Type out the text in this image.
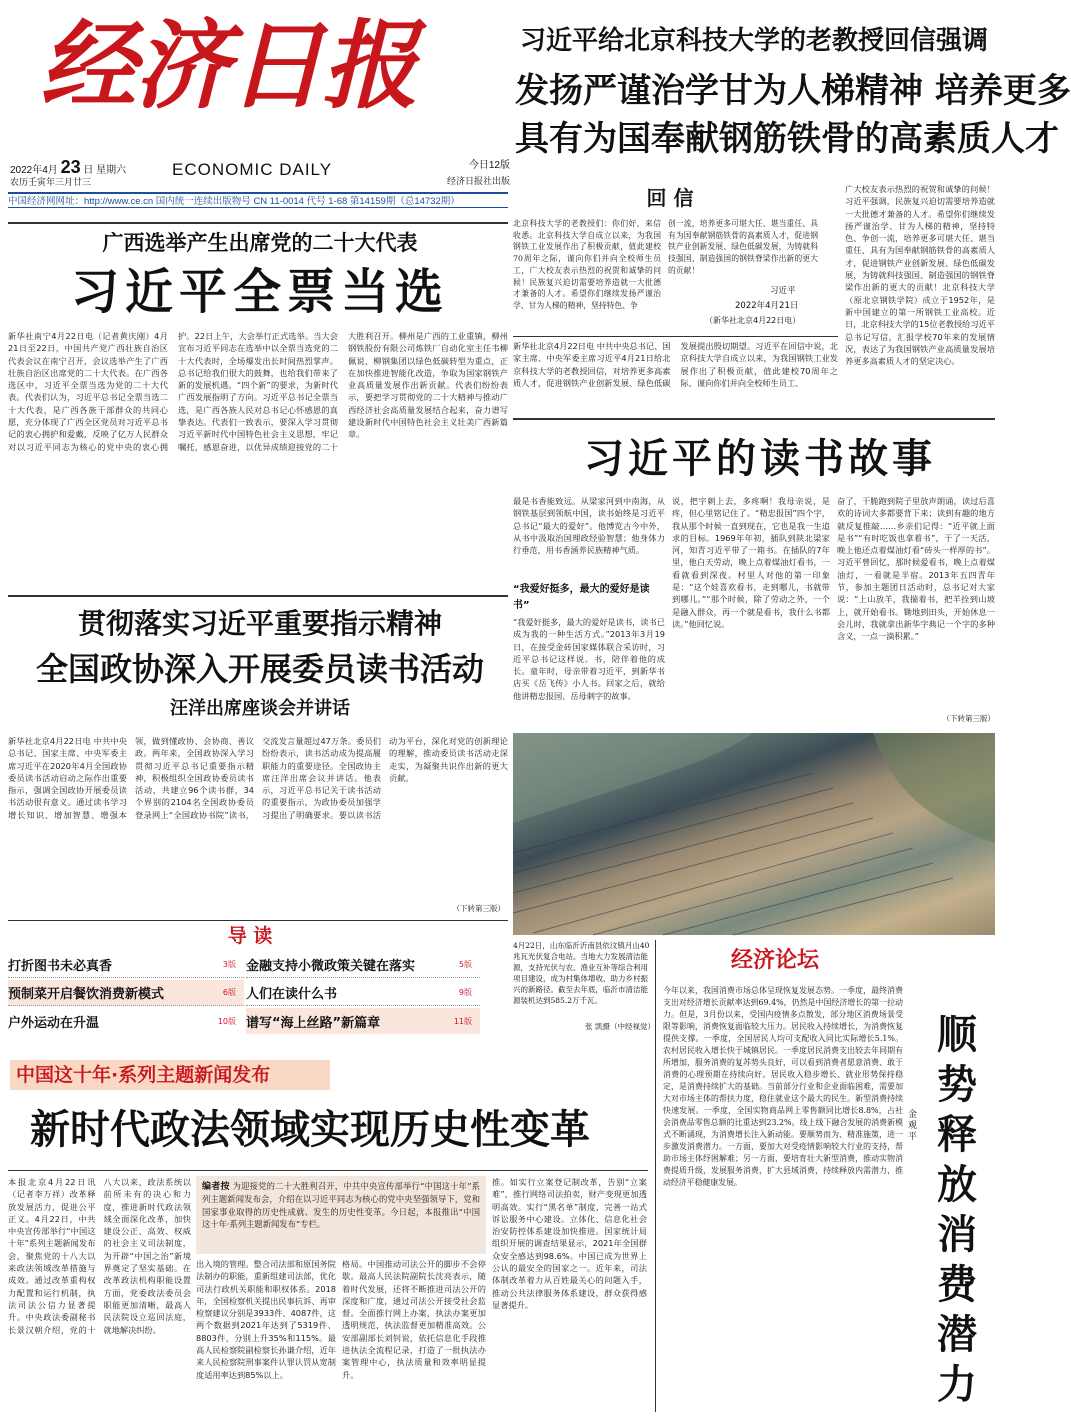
经济日报
2022年4月 23 日 星期六
农历壬寅年三月廿三
ECONOMIC DAILY	今日12版
经济日报社出版
中国经济网网址：http://www.ce.cn 国内统一连续出版物号 CN 11-0014 代号 1-68 第14159期（总14732期）
习近平给北京科技大学的老教授回信强调
发扬严谨治学甘为人梯精神 培养更多
具有为国奉献钢筋铁骨的高素质人才
回 信
北京科技大学的老教授们：你们好，来信收悉。北京科技大学自成立以来，为我国钢铁工业发展作出了积极贡献，值此建校70周年之际，谨向你们并向全校师生员工，广大校友表示热烈的祝贺和诚挚的问候！民族复兴迫切需要培养造就一大批德才兼备的人才。希望你们继续发扬严谨治学、甘为人梯的精神，坚持特色、争
创一流，培养更多可堪大任、堪当重任、具有为国奉献钢筋铁骨的高素质人才，促进钢铁产业创新发展、绿色低碳发展，为铸就科技强国、制造强国的钢铁脊梁作出新的更大的贡献！
习近平
2022年4月21日
（新华社北京4月22日电）
新华社北京4月22日电 中共中央总书记、国家主席、中央军委主席习近平4月21日给北京科技大学的老教授回信，对培养更多高素质人才，促进钢铁产业创新发展、绿色低碳发展提出殷切期望。习近平在回信中说，北京科技大学自成立以来，为我国钢铁工业发展作出了积极贡献，值此建校70周年之际，谨向你们并向全校师生员工、
广大校友表示热烈的祝贺和诚挚的问候！习近平强调，民族复兴迫切需要培养造就一大批德才兼备的人才。希望你们继续发扬严谨治学、甘为人梯的精神，坚持特色、争创一流，培养更多可堪大任、堪当重任、具有为国奉献钢筋铁骨的高素质人才，促进钢铁产业创新发展、绿色低碳发展，为铸就科技强国、制造强国的钢铁脊梁作出新的更大的贡献！北京科技大学（原北京钢铁学院）成立于1952年，是新中国建立的第一所钢铁工业高校。近日，北京科技大学的15位老教授给习近平总书记写信，汇报学校70年来的发展情况，表达了为我国钢铁产业高质量发展培养更多高素质人才的坚定决心。
广西选举产生出席党的二十大代表
习近平全票当选
新华社南宁4月22日电（记者黄庆刚）4月21日至22日，中国共产党广西壮族自治区代表会议在南宁召开，会议选举产生了广西壮族自治区出席党的二十大代表。在广西各选区中，习近平全票当选为党的二十大代表。代表们认为，习近平总书记全票当选二十大代表，是广西各族干部群众的共同心愿，充分体现了广西全区党员对习近平总书记的衷心拥护和爱戴，反映了亿万人民群众对以习近平同志为核心的党中央的衷心拥护。22日上午，大会举行正式选举。当大会宣布习近平同志在选举中以全票当选党的二十大代表时，全场爆发出长时间热烈掌声。总书记给我们很大的鼓舞，也给我们带来了新的发展机遇。“四个新”的要求，为新时代广西发展指明了方向。习近平总书记全票当选，是广西各族人民对总书记心怀感恩的真挚表达。代表们一致表示，要深入学习贯彻习近平新时代中国特色社会主义思想，牢记嘱托，感恩奋进，以优异成绩迎接党的二十大胜利召开。柳州是广西的工业重镇，柳州钢铁股份有限公司炼铁厂自动化室主任韦柳佩说，柳钢集团以绿色低碳转型为重点，正在加快推进智能化改造，争取为国家钢铁产业高质量发展作出新贡献。代表们纷纷表示，要把学习贯彻党的二十大精神与推动广西经济社会高质量发展结合起来，奋力谱写建设新时代中国特色社会主义壮美广西新篇章。
习近平的读书故事
最是书香能致远。从梁家河到中南海，从钢铁基层到领航中国，读书始终是习近平总书记“最大的爱好”。他博览古今中外，从书中汲取治国理政经验智慧；他身体力行垂范，用书香涵养民族精神气质。
“我爱好挺多，最大的爱好是读书”
“我爱好挺多，最大的爱好是读书，读书已成为我的一种生活方式。”2013年3月19日，在接受金砖国家媒体联合采访时，习近平总书记这样说。书，陪伴着他的成长。童年时，母亲带着习近平，到新华书店买《岳飞传》小人书。回家之后，就给他讲精忠报国、岳母刺字的故事。
说，把字刺上去，多疼啊！我母亲说，是疼，但心里铭记住了。“精忠报国”四个字，我从那个时候一直到现在，它也是我一生追求的目标。1969年年初，插队到陕北梁家河，知青习近平带了一箱书。在插队的7年里，他白天劳动，晚上点着煤油灯看书，一看就看到深夜。村里人对他的第一印象是：“这个娃喜欢看书，走到哪儿，书就带到哪儿。”“那个时候，除了劳动之外，一个是融入群众，再一个就是看书，我什么书都读。”他回忆说。
奋了，干脆跑到院子里放声朗诵，读过后喜欢的诗词大多都要背下来；读到有趣的地方就反复推敲……乡亲们记得：“近平就上面是书”“有时吃饭也拿着书”，干了一天活，晚上他还点着煤油灯看“砖头一样厚的书”。习近平曾回忆，那时候爱看书，晚上点着煤油灯，一看就是半宿。2013年五四青年节，参加主题团日活动时，总书记对大家说：“上山放羊，我揣着书，把羊拴到山坡上，就开始看书。锄地到田头，开始休息一会儿时，我就拿出新华字典记一个字的多种含义，一点一滴积累。”
（下转第三版）
贯彻落实习近平重要指示精神
全国政协深入开展委员读书活动
汪洋出席座谈会并讲话
新华社北京4月22日电 中共中央总书记、国家主席、中央军委主席习近平在2020年4月全国政协委员读书活动启动之际作出重要指示，强调全国政协开展委员读书活动很有意义。通过读书学习增长知识、增加智慧、增强本领，做到懂政协、会协商、善议政。两年来，全国政协深入学习贯彻习近平总书记重要指示精神，积极组织全国政协委员读书活动，共建立96个读书群，34个界别的2104名全国政协委员登录网上“全国政协书院”读书，交流发言量超过47万条。委员们纷纷表示，读书活动成为提高履职能力的重要途径。全国政协主席汪洋出席会议并讲话。他表示，习近平总书记关于读书活动的重要指示，为政协委员加强学习提出了明确要求。要以读书活动为平台，深化对党的创新理论的理解，推动委员读书活动走深走实，为凝聚共识作出新的更大贡献。
（下转第三版）
4月22日，山东临沂沂南县依汶镇月山40兆瓦光伏复合电站。当地大力发展清洁能源，支持光伏与农、渔业互补等综合利用项目建设，成为村集体增收、助力乡村振兴的新路径。截至去年底，临沂市清洁能源装机达到585.2万千瓦。
张 凯摄（中经视觉）
导 读
打折图书未必真香	3版 金融支持小微政策关键在落实	5版
预制菜开启餐饮消费新模式	6版 人们在读什么书	9版
户外运动在升温	10版 谱写“海上丝路”新篇章	11版
中国这十年·系列主题新闻发布
新时代政法领域实现历史性变革
本报北京4月22日讯（记者李万祥）改革释放发展活力，促进公平正义。4月22日，中共中央宣传部举行“中国这十年”系列主题新闻发布会，聚焦党的十八大以来政法领域改革措施与成效。通过改革重构权力配置和运行机制，执法司法公信力显著提升。中央政法委副秘书长景汉朝介绍，党的十八大以来，政法系统以前所未有的决心和力度，推进新时代政法领域全面深化改革，加快建设公正、高效、权威的社会主义司法制度，为开辟“中国之治”新境界奠定了坚实基础。在改革政法机构职能设置方面，党委政法委员会职能更加清晰，最高人民法院设立巡回法庭，就地解决纠纷。
编者按 为迎接党的二十大胜利召开，中共中央宣传部举行“中国这十年”系列主题新闻发布会，介绍在以习近平同志为核心的党中央坚强领导下，党和国家事业取得的历史性成就、发生的历史性变革。今日起，本报推出“中国这十年·系列主题新闻发布”专栏。
出入境的管理。整合司法部和原国务院法制办的职能，重新组建司法部，优化司法行政机关职能和职权体系。2018年，全国检察机关提出民事抗诉、再审检察建议分别是3933件、4087件，这两个数据到2021年达到了5319件、8803件，分别上升35%和115%。最高人民检察院副检察长孙谦介绍，近年来人民检察院刑事案件认罪认罚从宽制度适用率达到85%以上。
格局。中国推动司法公开的脚步不会停歇。最高人民法院副院长沈亮表示，随着时代发展，还将不断推进司法公开的深度和广度，通过司法公开接受社会监督。全面推行网上办案，执法办案更加透明规范，执法监督更加精准高效。公安部副部长刘钊说，依托信息化手段推进执法全流程记录，打造了一批执法办案管理中心，执法质量和效率明显提升。
推。如实行立案登记制改革，告别“立案难”，推行网络司法拍卖，财产变现更加透明高效。实行“黑名单”制度，完善一站式诉讼服务中心建设。立体化、信息化社会治安防控体系建设加快推进。国家统计局组织开展的调查结果显示，2021年全国群众安全感达到98.6%。中国已成为世界上公认的最安全的国家之一。近年来，司法体制改革着力从百姓最关心的问题入手，推动公共法律服务体系建设，群众获得感显著提升。
经济论坛
今年以来，我国消费市场总体呈现恢复发展态势。一季度，最终消费支出对经济增长贡献率达到69.4%，仍然是中国经济增长的第一拉动力。但是，3月份以来，受国内疫情多点散发，部分地区消费场景受限等影响，消费恢复面临较大压力。居民收入持续增长，为消费恢复提供支撑。一季度，全国居民人均可支配收入同比实际增长5.1%。农村居民收入增长快于城镇居民。一季度居民消费支出较去年同期有所增加，服务消费的复苏势头良好，可以看到消费者愿意消费、敢于消费的心理预期在持续向好。居民收入稳步增长、就业形势保持稳定，是消费持续扩大的基础。当前部分行业和企业面临困难，需要加大对市场主体的帮扶力度，稳住就业这个最大的民生。新型消费持续快速发展。一季度，全国实物商品网上零售额同比增长8.8%，占社会消费品零售总额的比重达到23.2%。线上线下融合发展的消费新模式不断涌现，为消费增长注入新动能。要顺势而为、精准施策，进一步激发消费潜力。一方面，要加大对受疫情影响较大行业的支持，帮助市场主体纾困解难；另一方面，要培育壮大新型消费，推动实物消费提质升级，发展服务消费，扩大县域消费，持续释放内需潜力，推动经济平稳健康发展。
顺
势
释
放
消
费
潜
力
金观平
